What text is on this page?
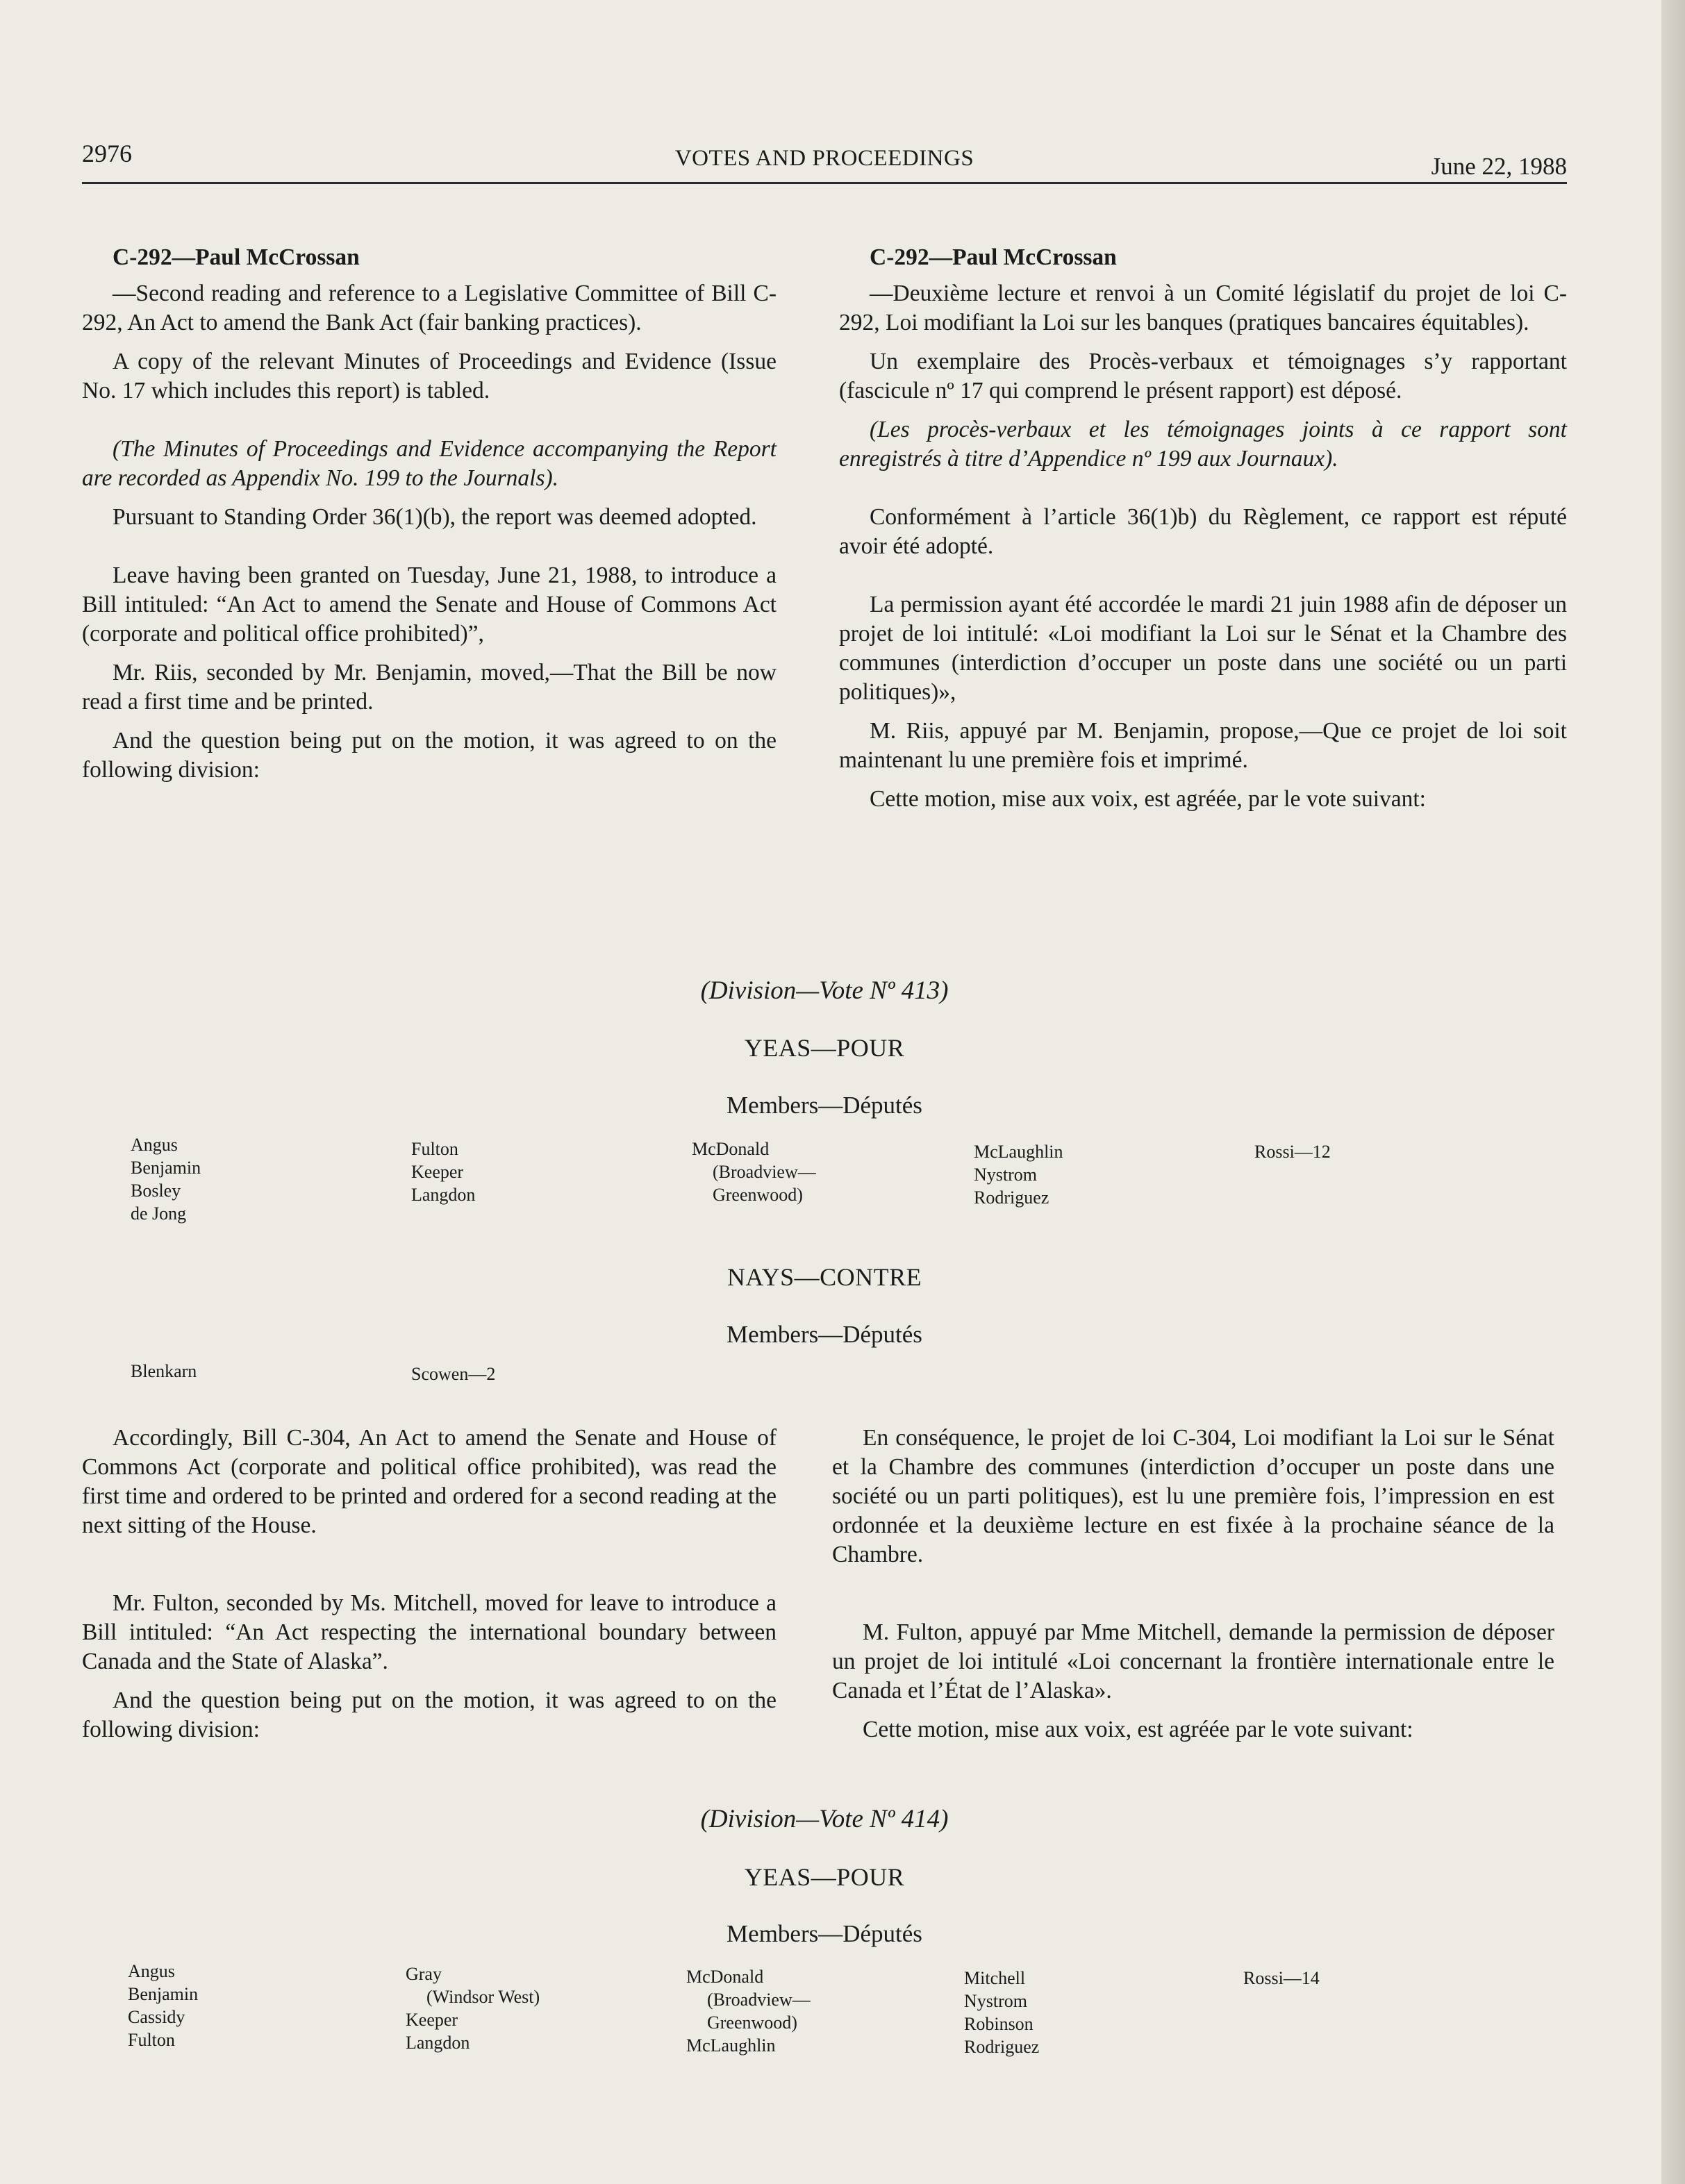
2976	VOTES AND PROCEEDINGS	June 22, 1988

C-292—Paul McCrossan

—Second reading and reference to a Legislative Committee of Bill C-292, An Act to amend the Bank Act (fair banking practices).

A copy of the relevant Minutes of Proceedings and Evidence (Issue No. 17 which includes this report) is tabled.

(The Minutes of Proceedings and Evidence accompanying the Report are recorded as Appendix No. 199 to the Journals).

Pursuant to Standing Order 36(1)(b), the report was deemed adopted.

Leave having been granted on Tuesday, June 21, 1988, to introduce a Bill intituled: “An Act to amend the Senate and House of Commons Act (corporate and political office prohibited)”,

Mr. Riis, seconded by Mr. Benjamin, moved,—That the Bill be now read a first time and be printed.

And the question being put on the motion, it was agreed to on the following division:

C-292—Paul McCrossan

—Deuxième lecture et renvoi à un Comité législatif du projet de loi C-292, Loi modifiant la Loi sur les banques (pratiques bancaires équitables).

Un exemplaire des Procès-verbaux et témoignages s’y rapportant (fascicule nº 17 qui comprend le présent rapport) est déposé.

(Les procès-verbaux et les témoignages joints à ce rapport sont enregistrés à titre d’Appendice nº 199 aux Journaux).

Conformément à l’article 36(1)b) du Règlement, ce rapport est réputé avoir été adopté.

La permission ayant été accordée le mardi 21 juin 1988 afin de déposer un projet de loi intitulé: «Loi modifiant la Loi sur le Sénat et la Chambre des communes (interdiction d’occuper un poste dans une société ou un parti politiques)»,

M. Riis, appuyé par M. Benjamin, propose,—Que ce projet de loi soit maintenant lu une première fois et imprimé.

Cette motion, mise aux voix, est agréée, par le vote suivant:

(Division—Vote Nº 413)
YEAS—POUR
Members—Députés
Angus
Benjamin
Bosley
de Jong
Fulton
Keeper
Langdon
McDonald
(Broadview—
Greenwood)
McLaughlin
Nystrom
Rodriguez
Rossi—12
NAYS—CONTRE
Members—Députés
Blenkarn	Scowen—2

Accordingly, Bill C-304, An Act to amend the Senate and House of Commons Act (corporate and political office prohibited), was read the first time and ordered to be printed and ordered for a second reading at the next sitting of the House.

Mr. Fulton, seconded by Ms. Mitchell, moved for leave to introduce a Bill intituled: “An Act respecting the international boundary between Canada and the State of Alaska”.

And the question being put on the motion, it was agreed to on the following division:

En conséquence, le projet de loi C-304, Loi modifiant la Loi sur le Sénat et la Chambre des communes (interdiction d’occuper un poste dans une société ou un parti politiques), est lu une première fois, l’impression en est ordonnée et la deuxième lecture en est fixée à la prochaine séance de la Chambre.

M. Fulton, appuyé par Mme Mitchell, demande la permission de déposer un projet de loi intitulé «Loi concernant la frontière internationale entre le Canada et l’État de l’Alaska».

Cette motion, mise aux voix, est agréée par le vote suivant:

(Division—Vote Nº 414)
YEAS—POUR
Members—Députés
Angus
Benjamin
Cassidy
Fulton
Gray
(Windsor West)
Keeper
Langdon
McDonald
(Broadview—
Greenwood)
McLaughlin
Mitchell
Nystrom
Robinson
Rodriguez
Rossi—14
